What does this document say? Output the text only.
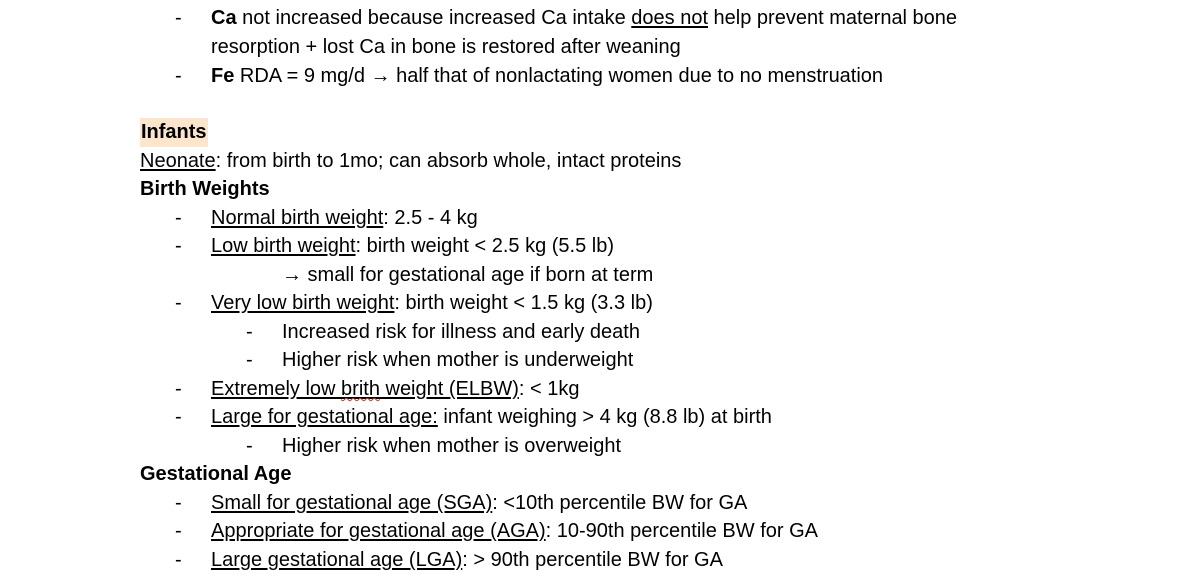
- Ca not increased because increased Ca intake does not help prevent maternal bone
resorption + lost Ca in bone is restored after weaning
- Fe RDA = 9 mg/d → half that of nonlactating women due to no menstruation
Infants
Neonate: from birth to 1mo; can absorb whole, intact proteins
Birth Weights
- Normal birth weight: 2.5 - 4 kg
- Low birth weight: birth weight < 2.5 kg (5.5 lb)
→ small for gestational age if born at term
- Very low birth weight: birth weight < 1.5 kg (3.3 lb)
- Increased risk for illness and early death
- Higher risk when mother is underweight
- Extremely low brith weight (ELBW): < 1kg
- Large for gestational age: infant weighing > 4 kg (8.8 lb) at birth
- Higher risk when mother is overweight
Gestational Age
- Small for gestational age (SGA): <10th percentile BW for GA
- Appropriate for gestational age (AGA): 10-90th percentile BW for GA
- Large gestational age (LGA): > 90th percentile BW for GA
